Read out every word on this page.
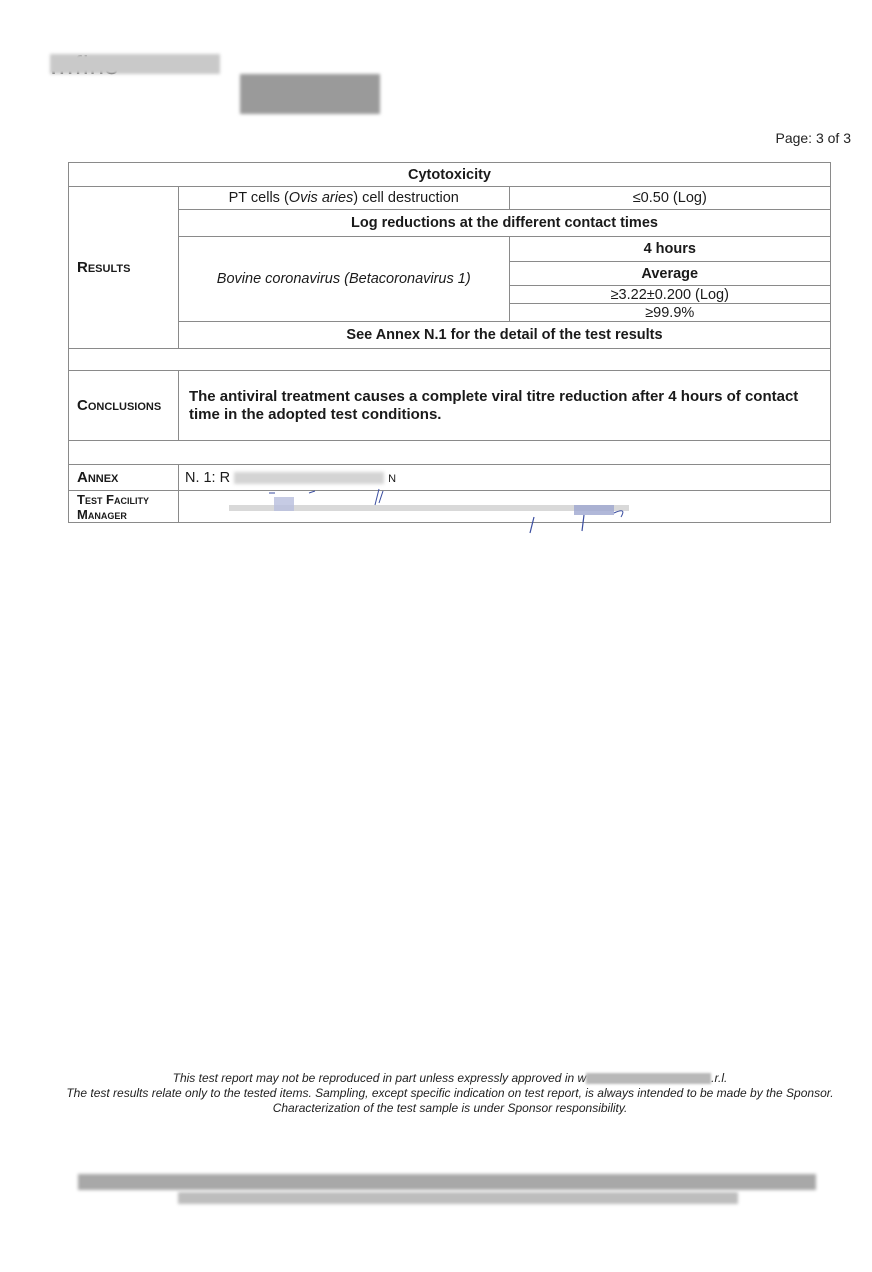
Page: 3 of 3
Cytotoxicity		
Results	PT cells (Ovis aries) cell destruction	≤0.50 (Log)
	Log reductions at the different contact times	
	Bovine coronavirus (Betacoronavirus 1)	4 hours
		Average
		≥3.22±0.200 (Log)
		≥99.9%
	See Annex N.1 for the detail of the test results	

Conclusions	The antiviral treatment causes a complete viral titre reduction after 4 hours of contact time in the adopted test conditions.	

Annex	N. 1: R N	

Test Facility
Manager

This test report may not be reproduced in part unless expressly approved in w	.r.l.
The test results relate only to the tested items. Sampling, except specific indication on test report, is always intended to be made by the Sponsor. Characterization of the test sample is under Sponsor responsibility.
